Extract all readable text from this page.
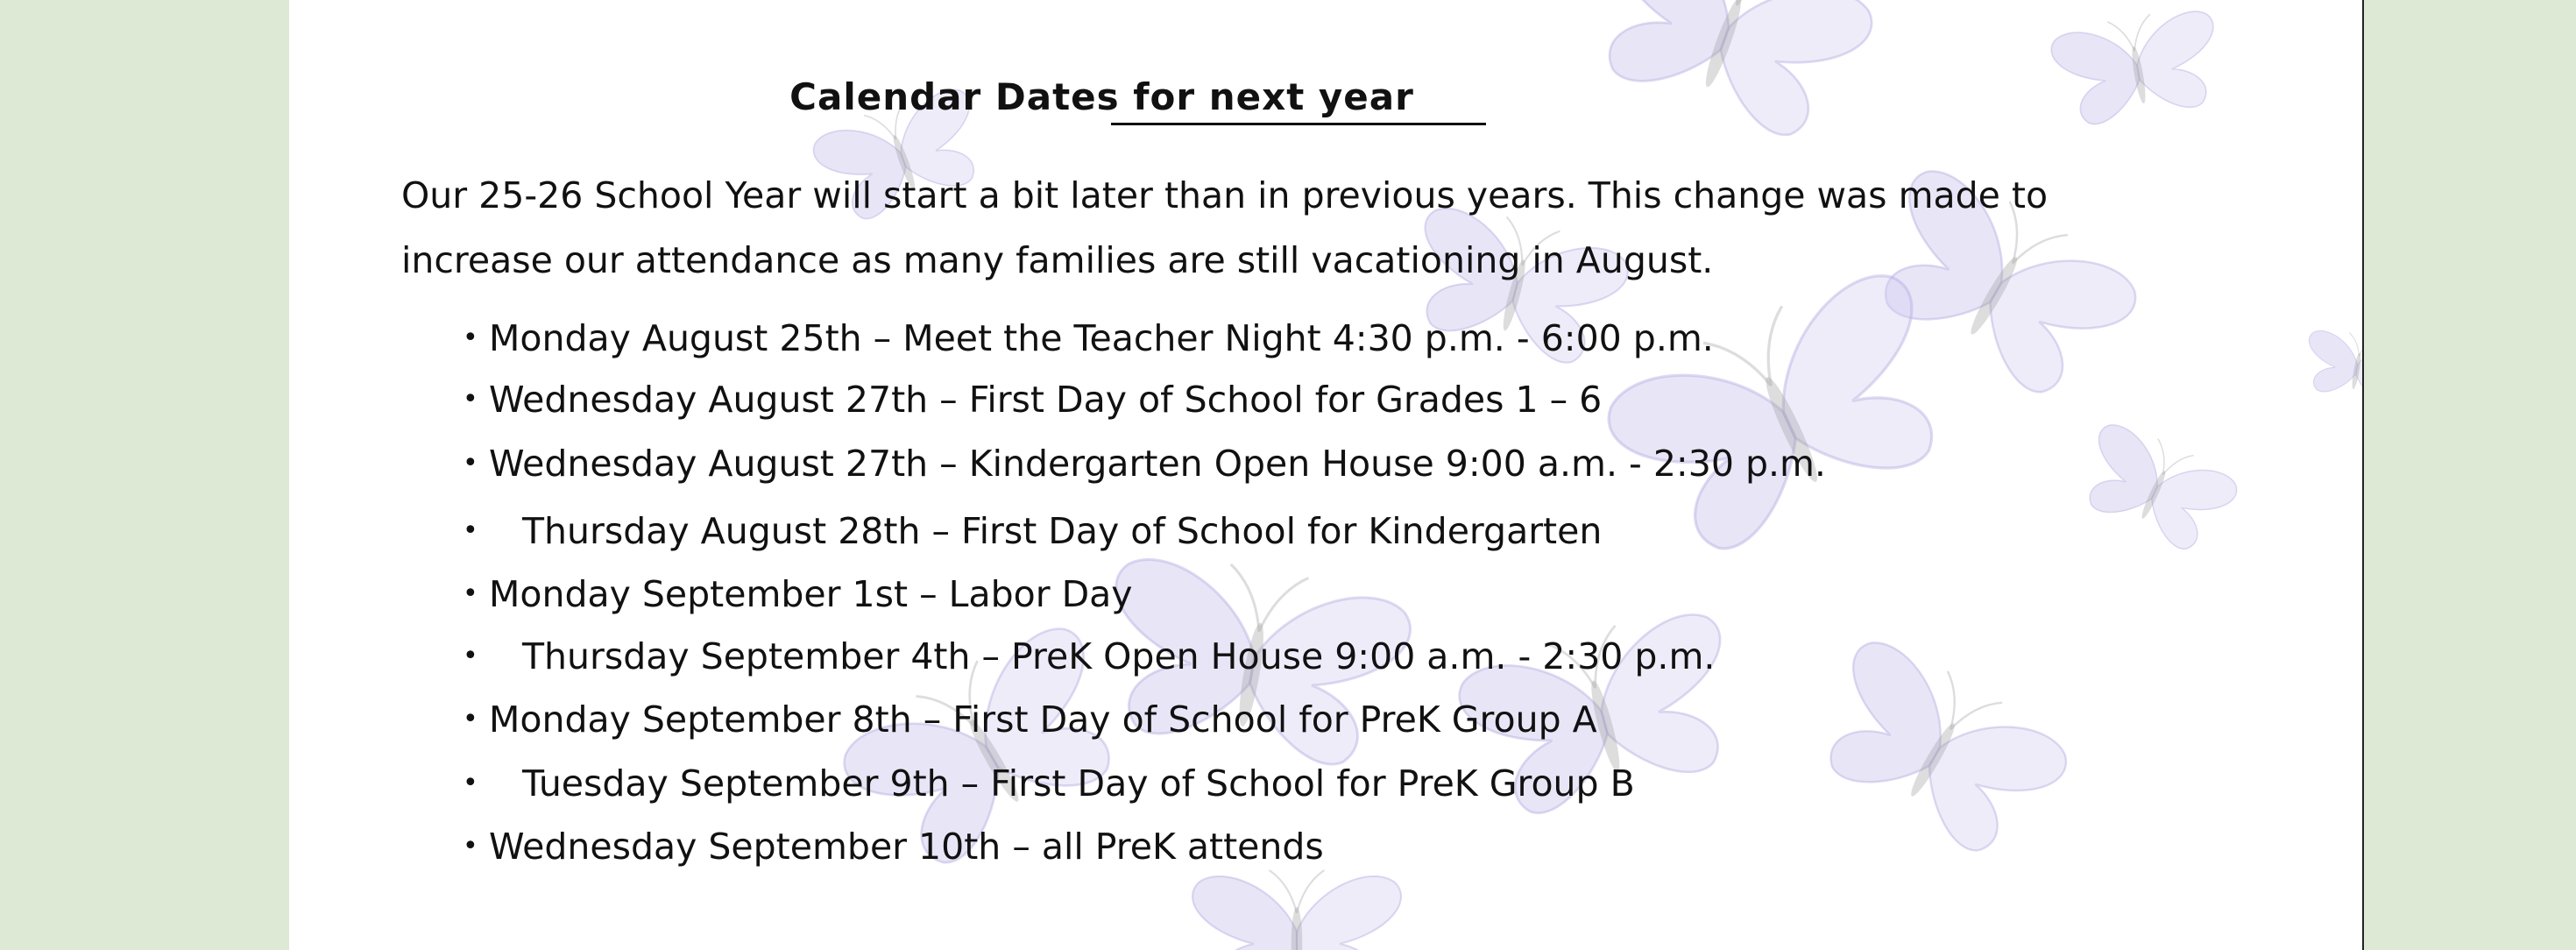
Calendar Dates for next year

Our 25-26 School Year will start a bit later than in previous years. This change was made to
increase our attendance as many families are still vacationing in August.

• Monday August 25th – Meet the Teacher Night 4:30 p.m. - 6:00 p.m.
• Wednesday August 27th – First Day of School for Grades 1 – 6
• Wednesday August 27th – Kindergarten Open House 9:00 a.m. - 2:30 p.m.
• Thursday August 28th – First Day of School for Kindergarten
• Monday September 1st – Labor Day
• Thursday September 4th – PreK Open House 9:00 a.m. - 2:30 p.m.
• Monday September 8th – First Day of School for PreK Group A
• Tuesday September 9th – First Day of School for PreK Group B
• Wednesday September 10th – all PreK attends
